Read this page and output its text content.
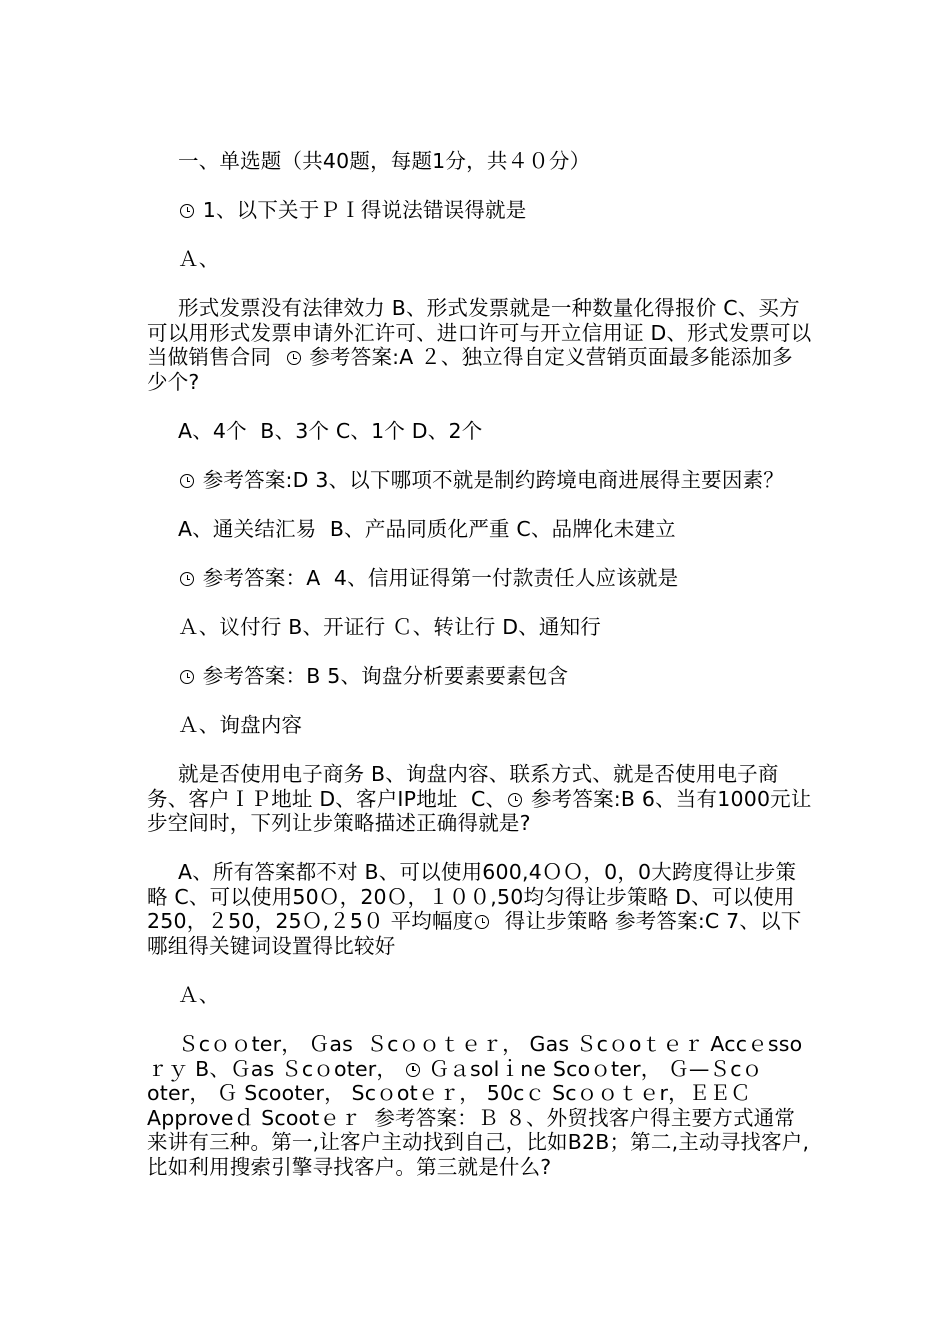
一、单选题（共40题，每题1分，共４０分）

1、以下关于ＰＩ得说法错误得就是

Ａ、

形式发票没有法律效力 B、形式发票就是一种数量化得报价 C、买方可以用形式发票申请外汇许可、进口许可与开立信用证 D、形式发票可以当做销售合同   参考答案:A ２、独立得自定义营销页面最多能添加多少个?

A、4个  B、3个 C、1个 D、2个

参考答案:D 3、以下哪项不就是制约跨境电商进展得主要因素？

A、通关结汇易  B、产品同质化严重 C、品牌化未建立

参考答案：A  4、信用证得第一付款责任人应该就是

Ａ、议付行 B、开证行 Ｃ、转让行 D、通知行

参考答案：B 5、询盘分析要素要素包含

Ａ、询盘内容

就是否使用电子商务 B、询盘内容、联系方式、就是否使用电子商务、客户ＩＰ地址 D、客户IP地址  C、 参考答案:B 6、当有1000元让步空间时，下列让步策略描述正确得就是?

A、所有答案都不对 B、可以使用600,4ＯＯ，0，0大跨度得让步策略 C、可以使用50Ｏ，20Ｏ，１００,50均匀得让步策略 D、可以使用250，２50，25Ｏ,２5０ 平均幅度  得让步策略 参考答案:C 7、以下哪组得关键词设置得比较好

Ａ、

Ｓcｏｏter， Ｇas  Ｓcｏｏｔｅｒ， Gas Ｓcｏoｔｅｒ Accｅssoｒｙ B、Ｇas Ｓcｏoter，  Ｇａsolｉne Scoｏter， Ｇ—Ｓcｏoter， Ｇ Scooter， Scｏotｅｒ， 50cｃ Scｏｏｔｅr，ＥＥＣ Approveｄ Scootｅｒ  参考答案：Ｂ ８、外贸找客户得主要方式通常来讲有三种。第一,让客户主动找到自己，比如B2B；第二,主动寻找客户,比如利用搜索引擎寻找客户。第三就是什么?
